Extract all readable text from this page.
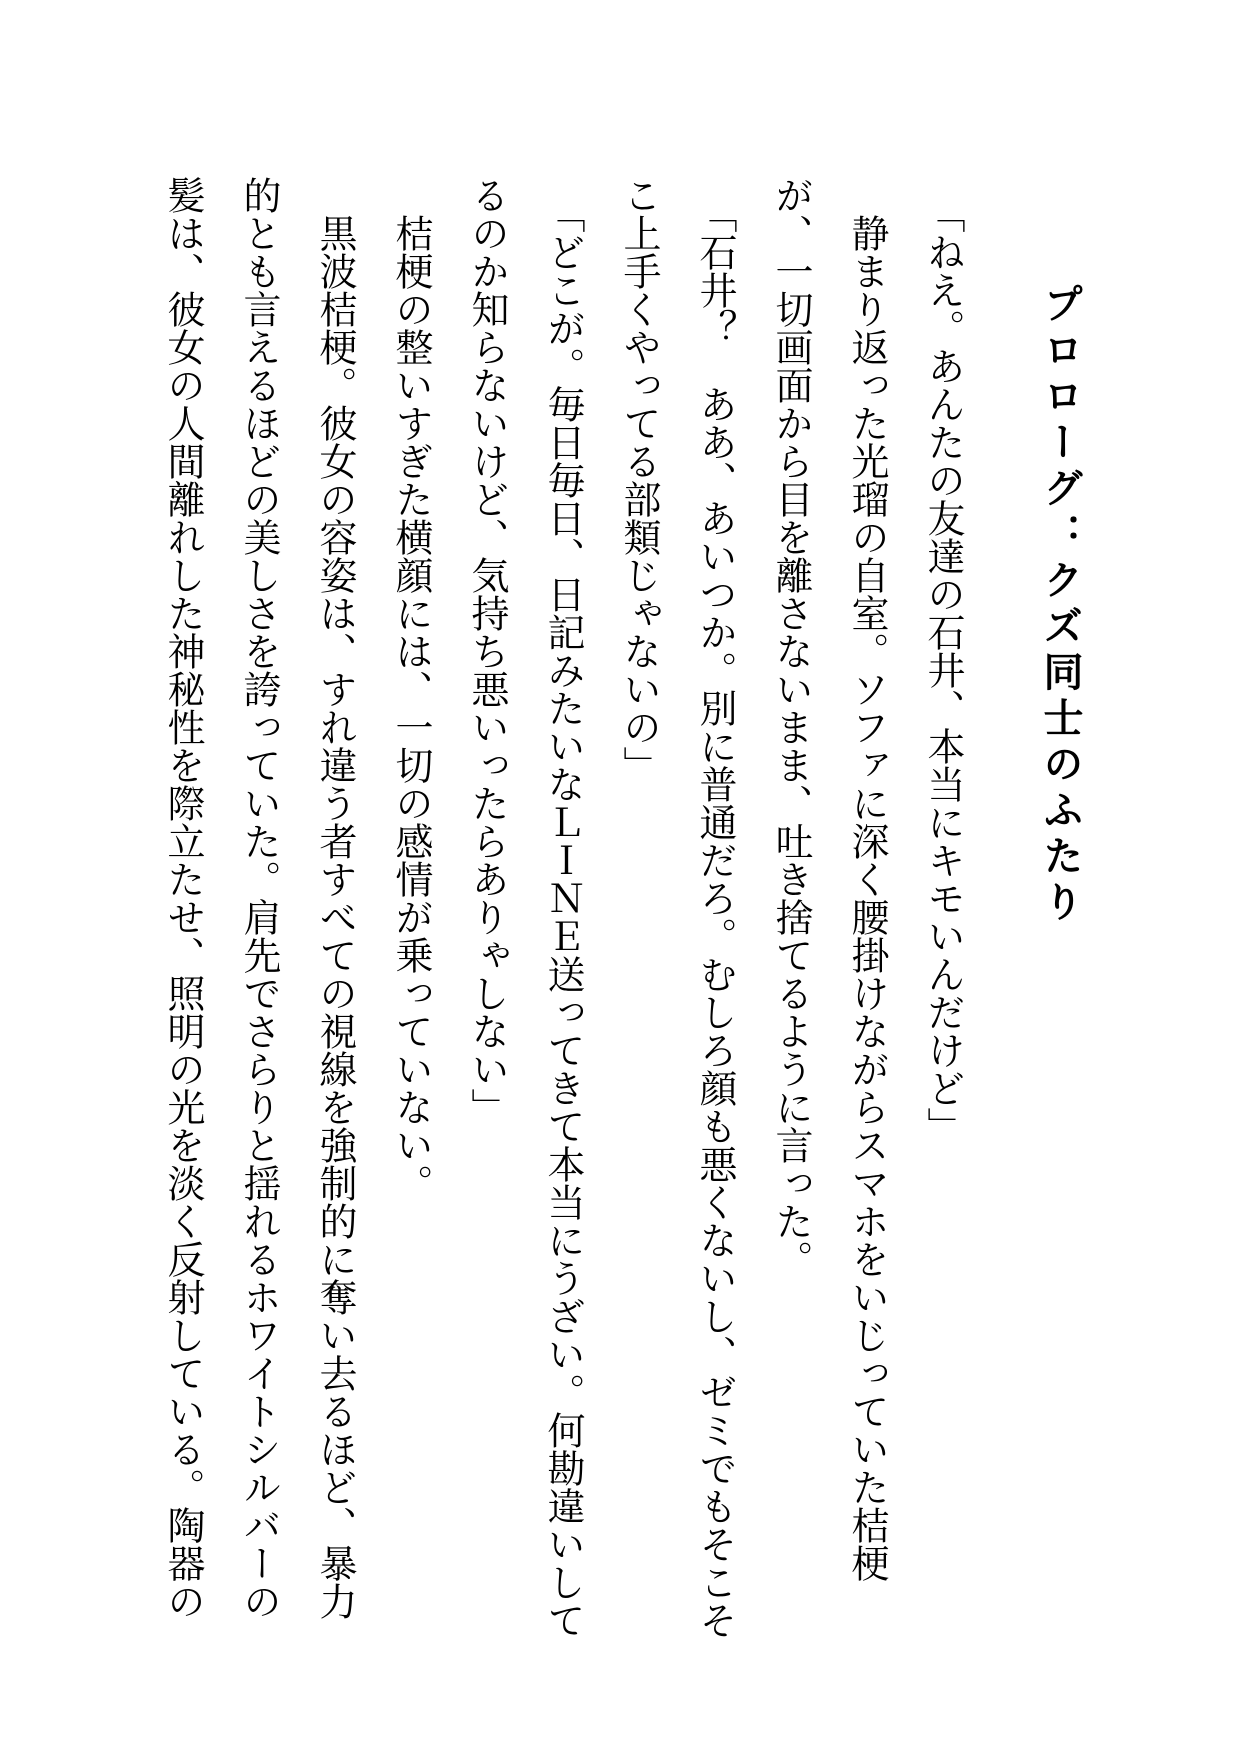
プロローグ：クズ同士のふたり

「ねえ。あんたの友達の石井、本当にキモいんだけど」

静まり返った光瑠の自室。ソファに深く腰掛けながらスマホをいじっていた桔梗

が、一切画面から目を離さないまま、吐き捨てるように言った。

「石井？　ああ、あいつか。別に普通だろ。むしろ顔も悪くないし、ゼミでもそこそ

こ上手くやってる部類じゃないの」

「どこが。毎日毎日、日記みたいなＬＩＮＥ送ってきて本当にうざい。何勘違いして

るのか知らないけど、気持ち悪いったらありゃしない」

桔梗の整いすぎた横顔には、一切の感情が乗っていない。

黒波桔梗。彼女の容姿は、すれ違う者すべての視線を強制的に奪い去るほど、暴力

的とも言えるほどの美しさを誇っていた。肩先でさらりと揺れるホワイトシルバーの

髪は、彼女の人間離れした神秘性を際立たせ、照明の光を淡く反射している。陶器の
